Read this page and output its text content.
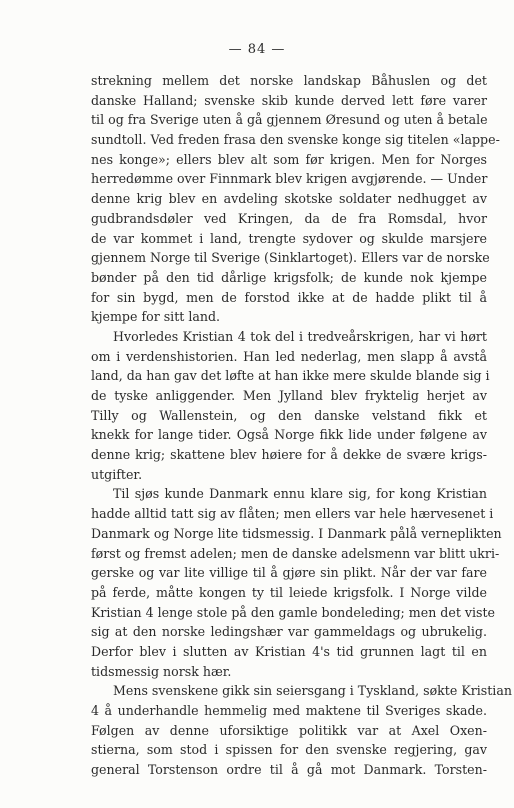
— 84 —
strekning mellem det norske landskap Båhuslen og det
danske Halland; svenske skib kunde derved lett føre varer
til og fra Sverige uten å gå gjennem Øresund og uten å betale
sundtoll. Ved freden frasa den svenske konge sig titelen «lappe-
nes konge»; ellers blev alt som før krigen. Men for Norges
herredømme over Finnmark blev krigen avgjørende. — Under
denne krig blev en avdeling skotske soldater nedhugget av
gudbrandsdøler ved Kringen, da de fra Romsdal, hvor
de var kommet i land, trengte sydover og skulde marsjere
gjennem Norge til Sverige (Sinklartoget). Ellers var de norske
bønder på den tid dårlige krigsfolk; de kunde nok kjempe
for sin bygd, men de forstod ikke at de hadde plikt til å
kjempe for sitt land.
Hvorledes Kristian 4 tok del i tredveårskrigen, har vi hørt
om i verdenshistorien. Han led nederlag, men slapp å avstå
land, da han gav det løfte at han ikke mere skulde blande sig i
de tyske anliggender. Men Jylland blev fryktelig herjet av
Tilly og Wallenstein, og den danske velstand fikk et
knekk for lange tider. Også Norge fikk lide under følgene av
denne krig; skattene blev høiere for å dekke de svære krigs-
utgifter.
Til sjøs kunde Danmark ennu klare sig, for kong Kristian
hadde alltid tatt sig av flåten; men ellers var hele hærvesenet i
Danmark og Norge lite tidsmessig. I Danmark pålå verneplikten
først og fremst adelen; men de danske adelsmenn var blitt ukri-
gerske og var lite villige til å gjøre sin plikt. Når der var fare
på ferde, måtte kongen ty til leiede krigsfolk. I Norge vilde
Kristian 4 lenge stole på den gamle bondeleding; men det viste
sig at den norske ledingshær var gammeldags og ubrukelig.
Derfor blev i slutten av Kristian 4's tid grunnen lagt til en
tidsmessig norsk hær.
Mens svenskene gikk sin seiersgang i Tyskland, søkte Kristian
4 å underhandle hemmelig med maktene til Sveriges skade.
Følgen av denne uforsiktige politikk var at Axel Oxen-
stierna, som stod i spissen for den svenske regjering, gav
general Torstenson ordre til å gå mot Danmark. Torsten-
